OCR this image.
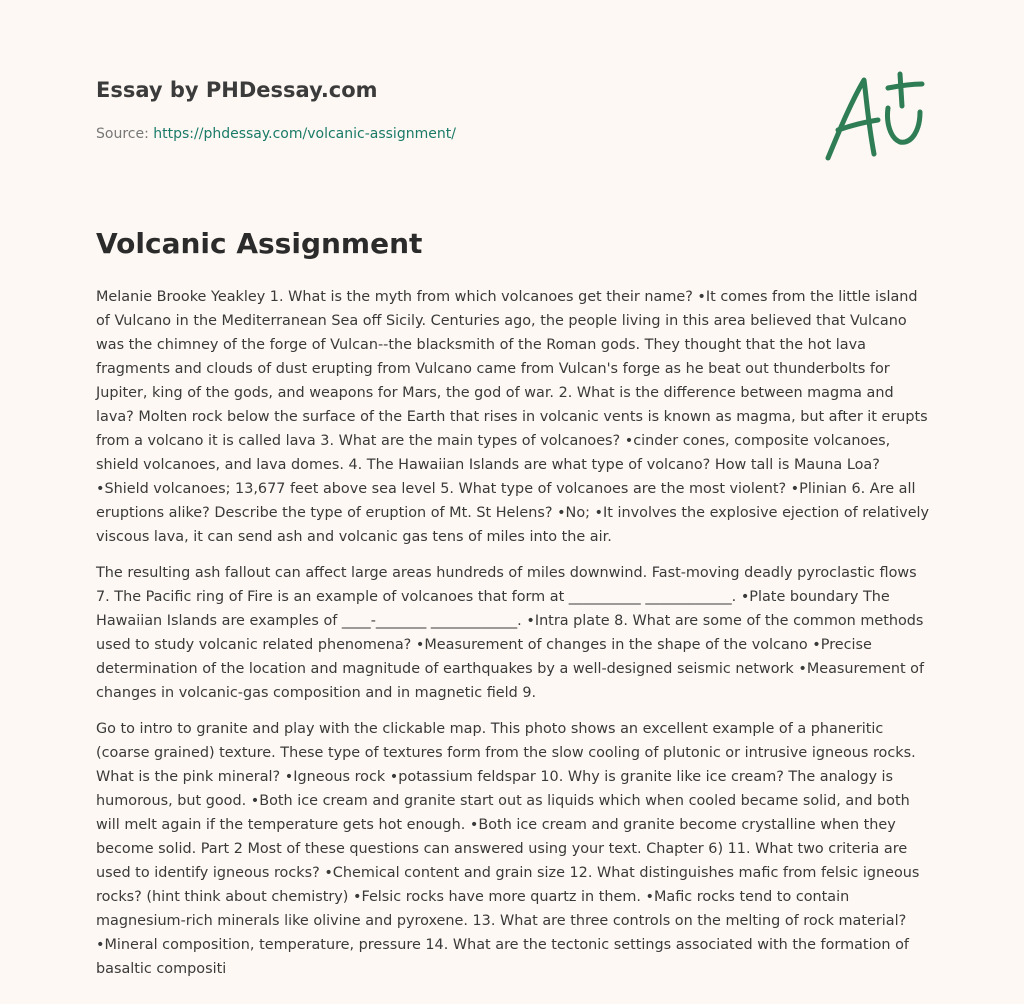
Essay by PHDessay.com
Source: https://phdessay.com/volcanic-assignment/
Volcanic Assignment

Melanie Brooke Yeakley 1. What is the myth from which volcanoes get their name? •It comes from the little island of Vulcano in the Mediterranean Sea off Sicily. Centuries ago, the people living in this area believed that Vulcano was the chimney of the forge of Vulcan--the blacksmith of the Roman gods. They thought that the hot lava fragments and clouds of dust erupting from Vulcano came from Vulcan's forge as he beat out thunderbolts for Jupiter, king of the gods, and weapons for Mars, the god of war. 2. What is the difference between magma and lava? Molten rock below the surface of the Earth that rises in volcanic vents is known as magma, but after it erupts from a volcano it is called lava 3. What are the main types of volcanoes? •cinder cones, composite volcanoes, shield volcanoes, and lava domes. 4. The Hawaiian Islands are what type of volcano? How tall is Mauna Loa? •Shield volcanoes; 13,677 feet above sea level 5. What type of volcanoes are the most violent? •Plinian 6. Are all eruptions alike? Describe the type of eruption of Mt. St Helens? •No; •It involves the explosive ejection of relatively viscous lava, it can send ash and volcanic gas tens of miles into the air.

The resulting ash fallout can affect large areas hundreds of miles downwind. Fast-moving deadly pyroclastic flows 7. The Pacific ring of Fire is an example of volcanoes that form at __________ ____________. •Plate boundary The Hawaiian Islands are examples of ____-_______ ____________. •Intra plate 8. What are some of the common methods used to study volcanic related phenomena? •Measurement of changes in the shape of the volcano •Precise determination of the location and magnitude of earthquakes by a well-designed seismic network •Measurement of changes in volcanic-gas composition and in magnetic field 9.

Go to intro to granite and play with the clickable map. This photo shows an excellent example of a phaneritic (coarse grained) texture. These type of textures form from the slow cooling of plutonic or intrusive igneous rocks. What is the pink mineral? •Igneous rock •potassium feldspar 10. Why is granite like ice cream? The analogy is humorous, but good. •Both ice cream and granite start out as liquids which when cooled became solid, and both will melt again if the temperature gets hot enough. •Both ice cream and granite become crystalline when they become solid. Part 2 Most of these questions can answered using your text. Chapter 6) 11. What two criteria are used to identify igneous rocks? •Chemical content and grain size 12. What distinguishes mafic from felsic igneous rocks? (hint think about chemistry) •Felsic rocks have more quartz in them. •Mafic rocks tend to contain magnesium-rich minerals like olivine and pyroxene. 13. What are three controls on the melting of rock material? •Mineral composition, temperature, pressure 14. What are the tectonic settings associated with the formation of basaltic compositi
